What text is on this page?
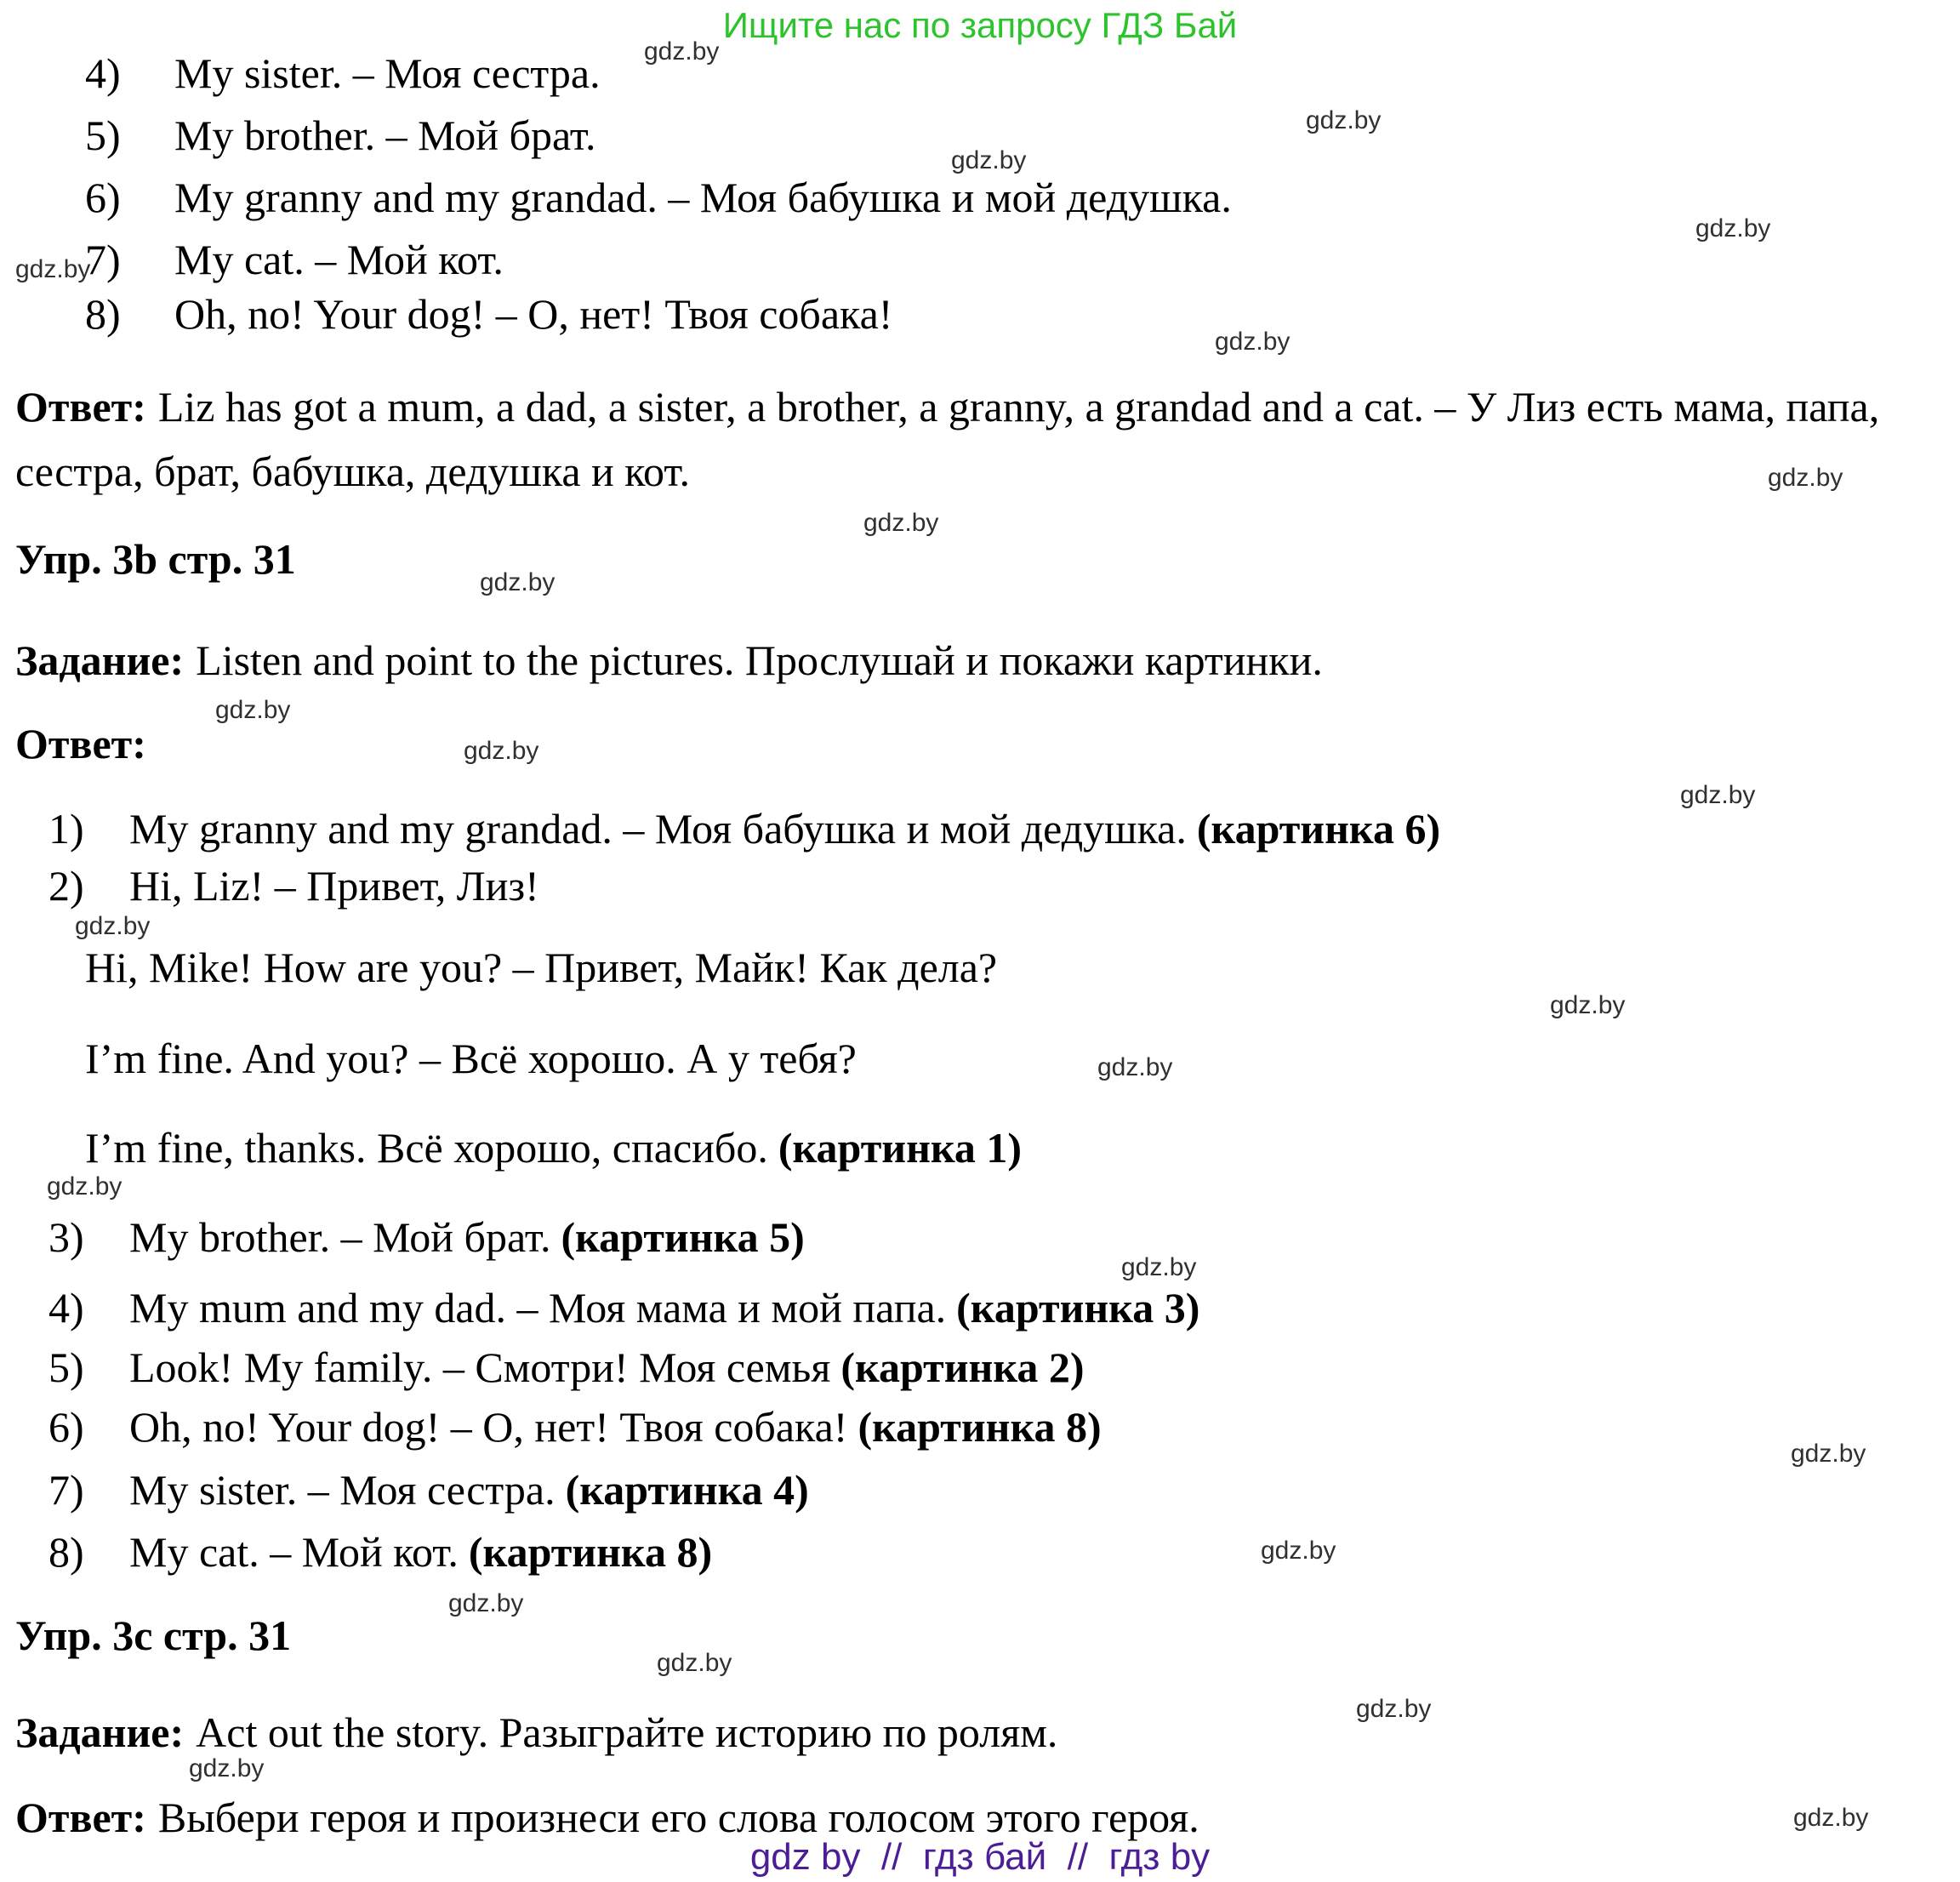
Ищите нас по запросу ГДЗ Бай
4) My sister. – Моя сестра.
5) My brother. – Мой брат.
6) My granny and my grandad. – Моя бабушка и мой дедушка.
7) My cat. – Мой кот.
8) Oh, no! Your dog! – О, нет! Твоя собака!
Ответ: Liz has got a mum, a dad, a sister, a brother, a granny, a grandad and a cat. – У Лиз есть мама, папа, сестра, брат, бабушка, дедушка и кот.
Упр. 3b стр. 31
Задание: Listen and point to the pictures. Прослушай и покажи картинки.
Ответ:
1) My granny and my grandad. – Моя бабушка и мой дедушка. (картинка 6)
2) Hi, Liz! – Привет, Лиз!
Hi, Mike! How are you? – Привет, Майк! Как дела?
I’m fine. And you? – Всё хорошо. А у тебя?
I’m fine, thanks. Всё хорошо, спасибо. (картинка 1)
3) My brother. – Мой брат. (картинка 5)
4) My mum and my dad. – Моя мама и мой папа. (картинка 3)
5) Look! My family. – Смотри! Моя семья (картинка 2)
6) Oh, no! Your dog! – О, нет! Твоя собака! (картинка 8)
7) My sister. – Моя сестра. (картинка 4)
8) My cat. – Мой кот. (картинка 8)
Упр. 3c стр. 31
Задание: Act out the story. Разыграйте историю по ролям.
Ответ: Выбери героя и произнеси его слова голосом этого героя.
gdz.by
gdz.by
gdz.by
gdz.by
gdz.by
gdz.by
gdz.by
gdz.by
gdz.by
gdz.by
gdz.by
gdz.by
gdz.by
gdz.by
gdz.by
gdz.by
gdz.by
gdz.by
gdz.by
gdz.by
gdz.by
gdz.by
gdz.by
gdz.by
gdz by  //  гдз бай  //  гдз by
